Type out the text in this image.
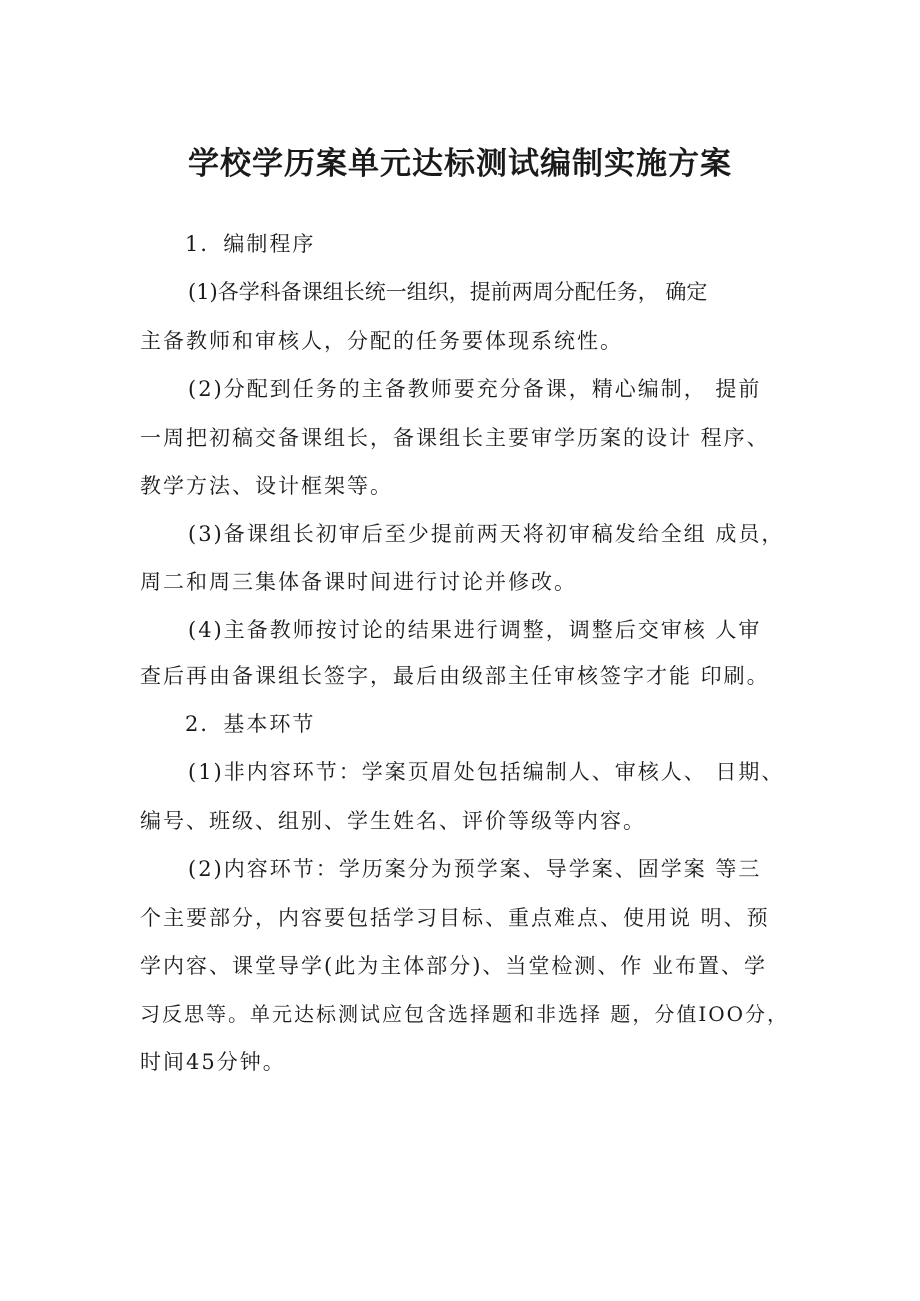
学校学历案单元达标测试编制实施方案
1．编制程序
(1)各学科备课组长统一组织，提前两周分配任务， 确定
主备教师和审核人，分配的任务要体现系统性。
(2)分配到任务的主备教师要充分备课，精心编制， 提前
一周把初稿交备课组长，备课组长主要审学历案的设计 程序、
教学方法、设计框架等。
(3)备课组长初审后至少提前两天将初审稿发给全组 成员，
周二和周三集体备课时间进行讨论并修改。
(4)主备教师按讨论的结果进行调整，调整后交审核 人审
查后再由备课组长签字，最后由级部主任审核签字才能 印刷。
2．基本环节
(1)非内容环节：学案页眉处包括编制人、审核人、 日期、
编号、班级、组别、学生姓名、评价等级等内容。
(2)内容环节：学历案分为预学案、导学案、固学案 等三
个主要部分，内容要包括学习目标、重点难点、使用说 明、预
学内容、课堂导学(此为主体部分)、当堂检测、作 业布置、学
习反思等。单元达标测试应包含选择题和非选择 题，分值IOO分，
时间45分钟。
